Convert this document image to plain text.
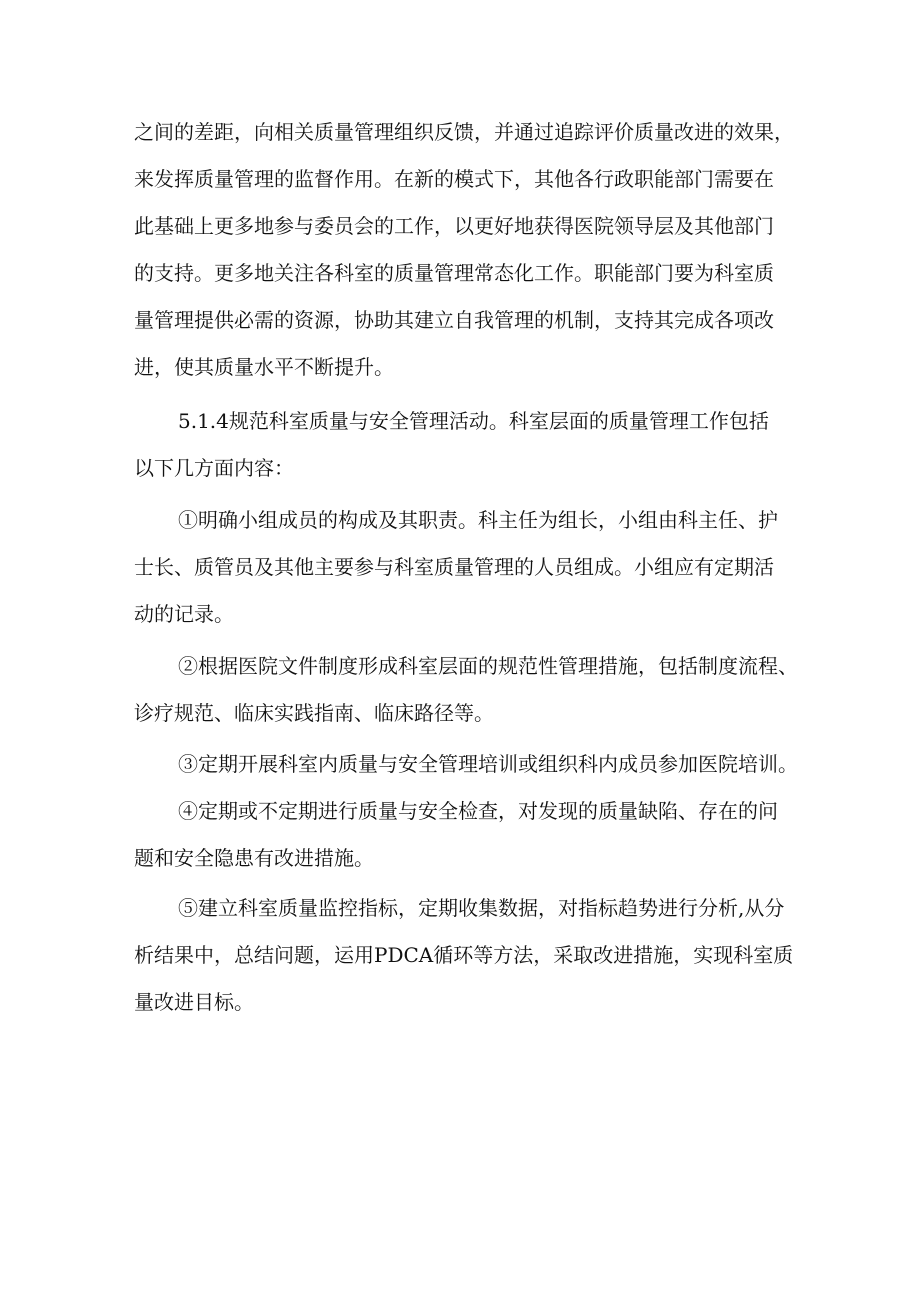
之间的差距，向相关质量管理组织反馈，并通过追踪评价质量改进的效果，
来发挥质量管理的监督作用。在新的模式下，其他各行政职能部门需要在
此基础上更多地参与委员会的工作，以更好地获得医院领导层及其他部门
的支持。更多地关注各科室的质量管理常态化工作。职能部门要为科室质
量管理提供必需的资源，协助其建立自我管理的机制，支持其完成各项改
进，使其质量水平不断提升。
5.1.4规范科室质量与安全管理活动。科室层面的质量管理工作包括
以下几方面内容：
①明确小组成员的构成及其职责。科主任为组长，小组由科主任、护
士长、质管员及其他主要参与科室质量管理的人员组成。小组应有定期活
动的记录。
②根据医院文件制度形成科室层面的规范性管理措施，包括制度流程、
诊疗规范、临床实践指南、临床路径等。
③定期开展科室内质量与安全管理培训或组织科内成员参加医院培训。
④定期或不定期进行质量与安全检查，对发现的质量缺陷、存在的问
题和安全隐患有改进措施。
⑤建立科室质量监控指标，定期收集数据，对指标趋势进行分析,从分
析结果中，总结问题，运用PDCA循环等方法，采取改进措施，实现科室质
量改进目标。
